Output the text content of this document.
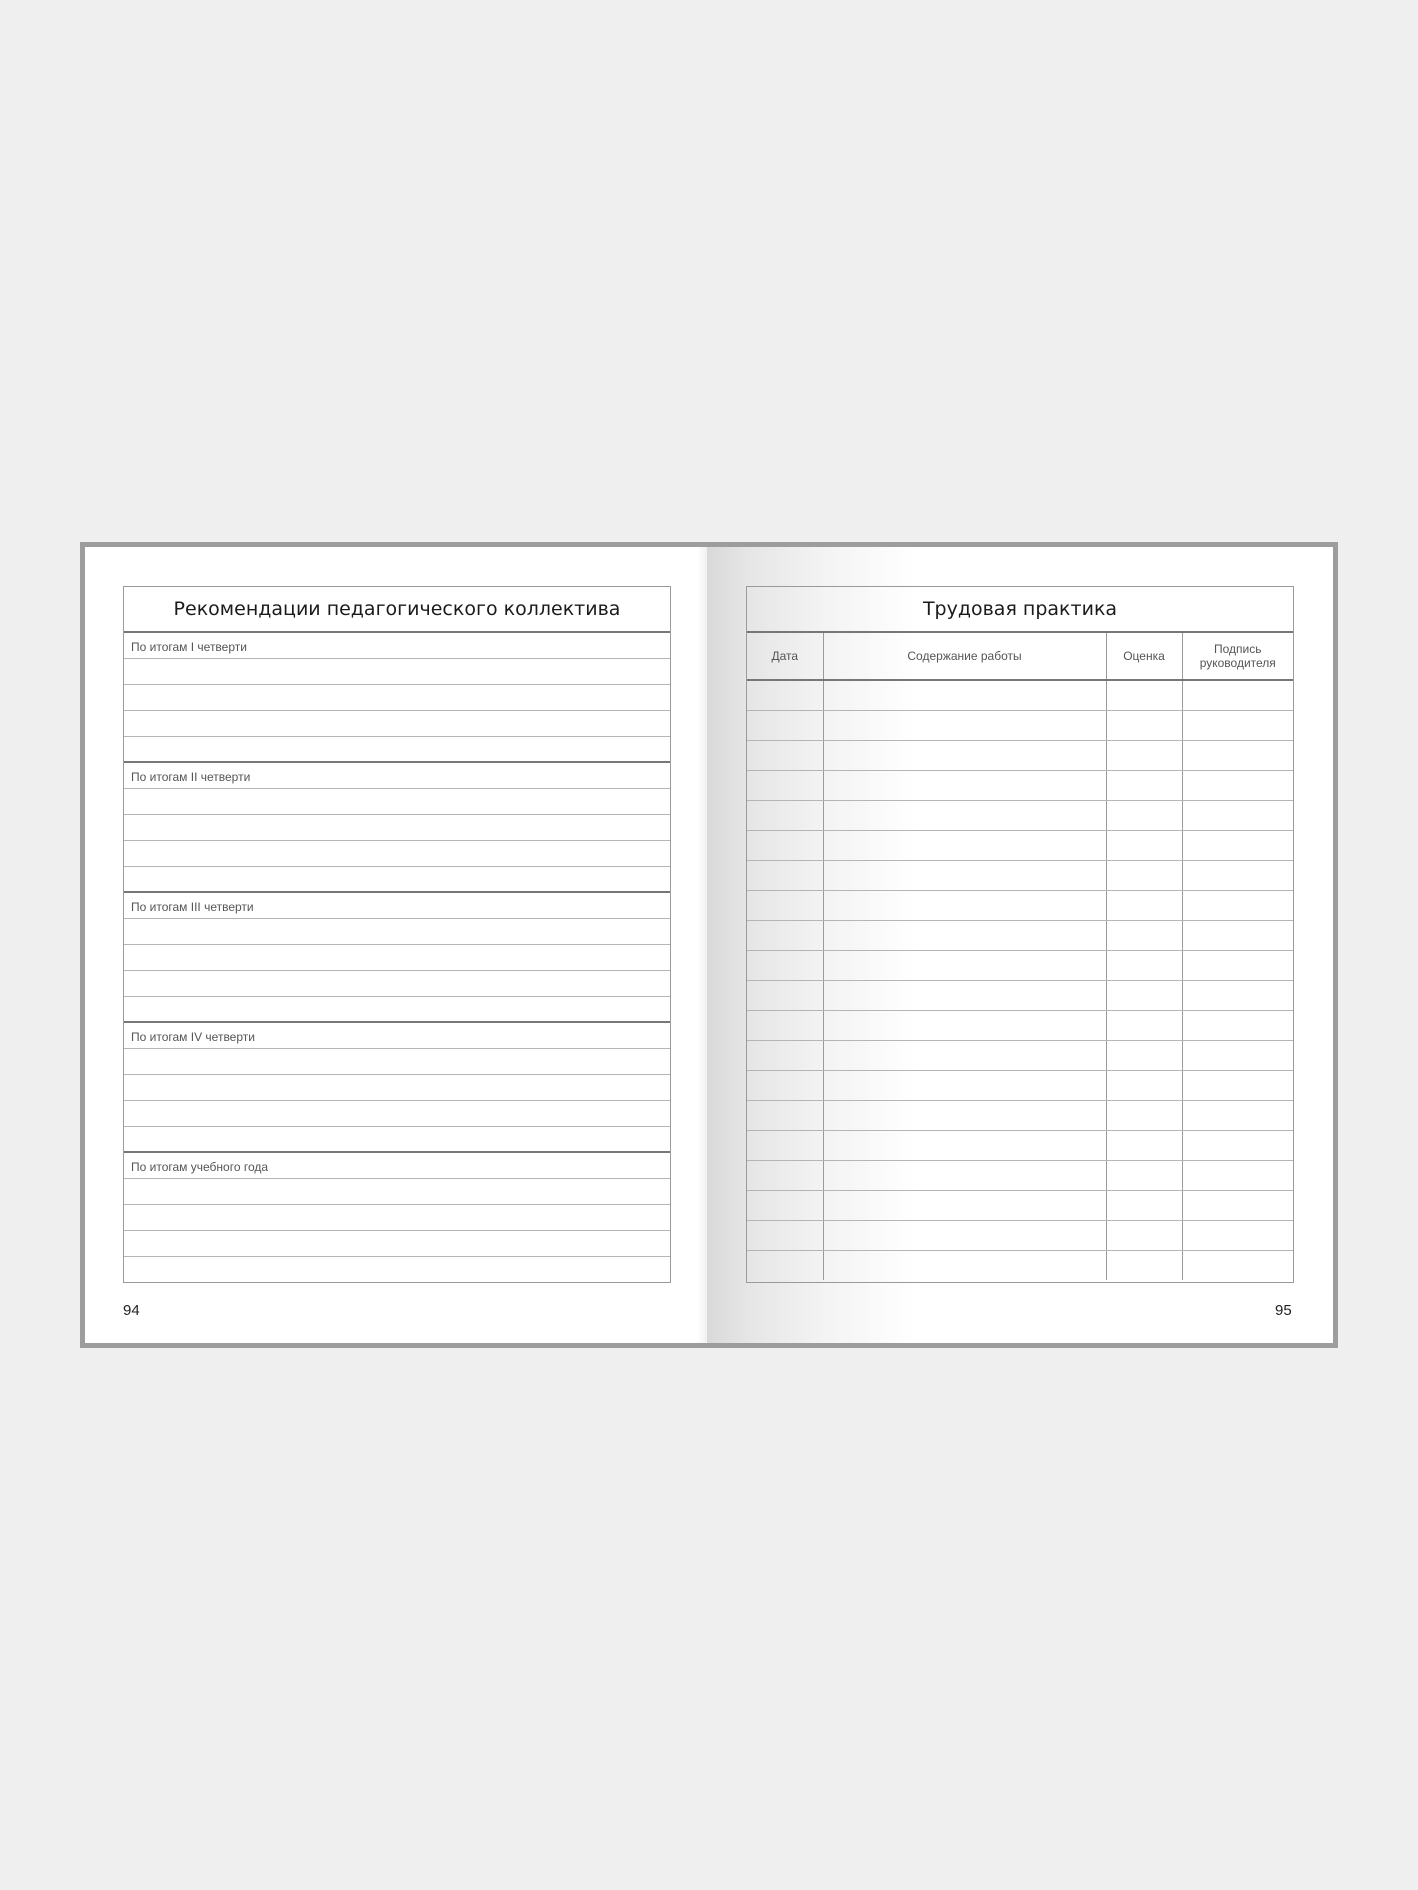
Рекомендации педагогического коллектива
По итогам I четверти
По итогам II четверти
По итогам III четверти
По итогам IV четверти
По итогам учебного года
94
Трудовая практика
Дата	Содержание работы	Оценка	Подпись руководителя

95
